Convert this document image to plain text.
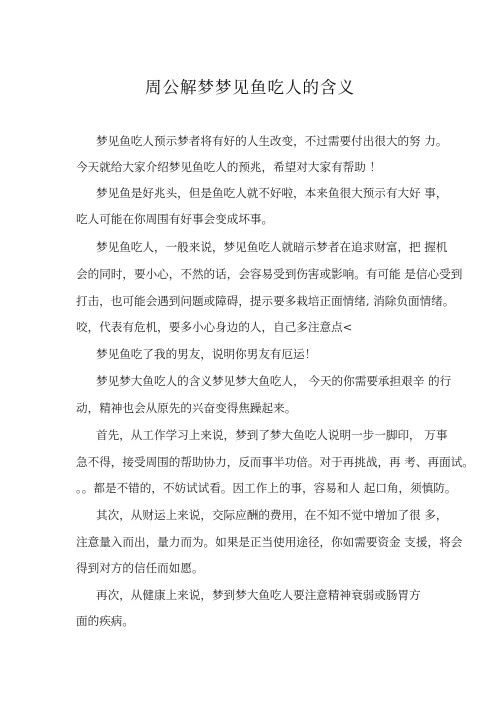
周公解梦梦见鱼吃人的含义
梦见鱼吃人预示梦者将有好的人生改变，不过需要付出很大的努 力。
今天就给大家介绍梦见鱼吃人的预兆，希望对大家有帮助 ！
梦见鱼是好兆头，但是鱼吃人就不好啦，本来鱼很大预示有大好 事，
吃人可能在你周围有好事会变成坏事。
梦见鱼吃人，一般来说，梦见鱼吃人就暗示梦者在追求财富，把 握机
会的同时，要小心，不然的话，会容易受到伤害或影响。有可能 是信心受到
打击，也可能会遇到问题或障碍，提示要多栽培正面情绪, 消除负面情绪。
咬，代表有危机，要多小心身边的人，自己多注意点<
梦见鱼吃了我的男友，说明你男友有厄运！
梦见梦大鱼吃人的含义梦见梦大鱼吃人， 今天的你需要承担艰辛 的行
动，精神也会从原先的兴奋变得焦躁起来。
首先，从工作学习上来说，梦到了梦大鱼吃人说明一步一脚印， 万事
急不得，接受周围的帮助协力，反而事半功倍。对于再挑战，再 考、再面试。
。。都是不错的，不妨试试看。因工作上的事，容易和人 起口角，须慎防。
其次，从财运上来说，交际应酬的费用，在不知不觉中增加了很 多，
注意量入而出，量力而为。如果是正当使用途径，你如需要资金 支援，将会
得到对方的信任而如愿。
再次，从健康上来说，梦到梦大鱼吃人要注意精神衰弱或肠胃方
面的疾病。
